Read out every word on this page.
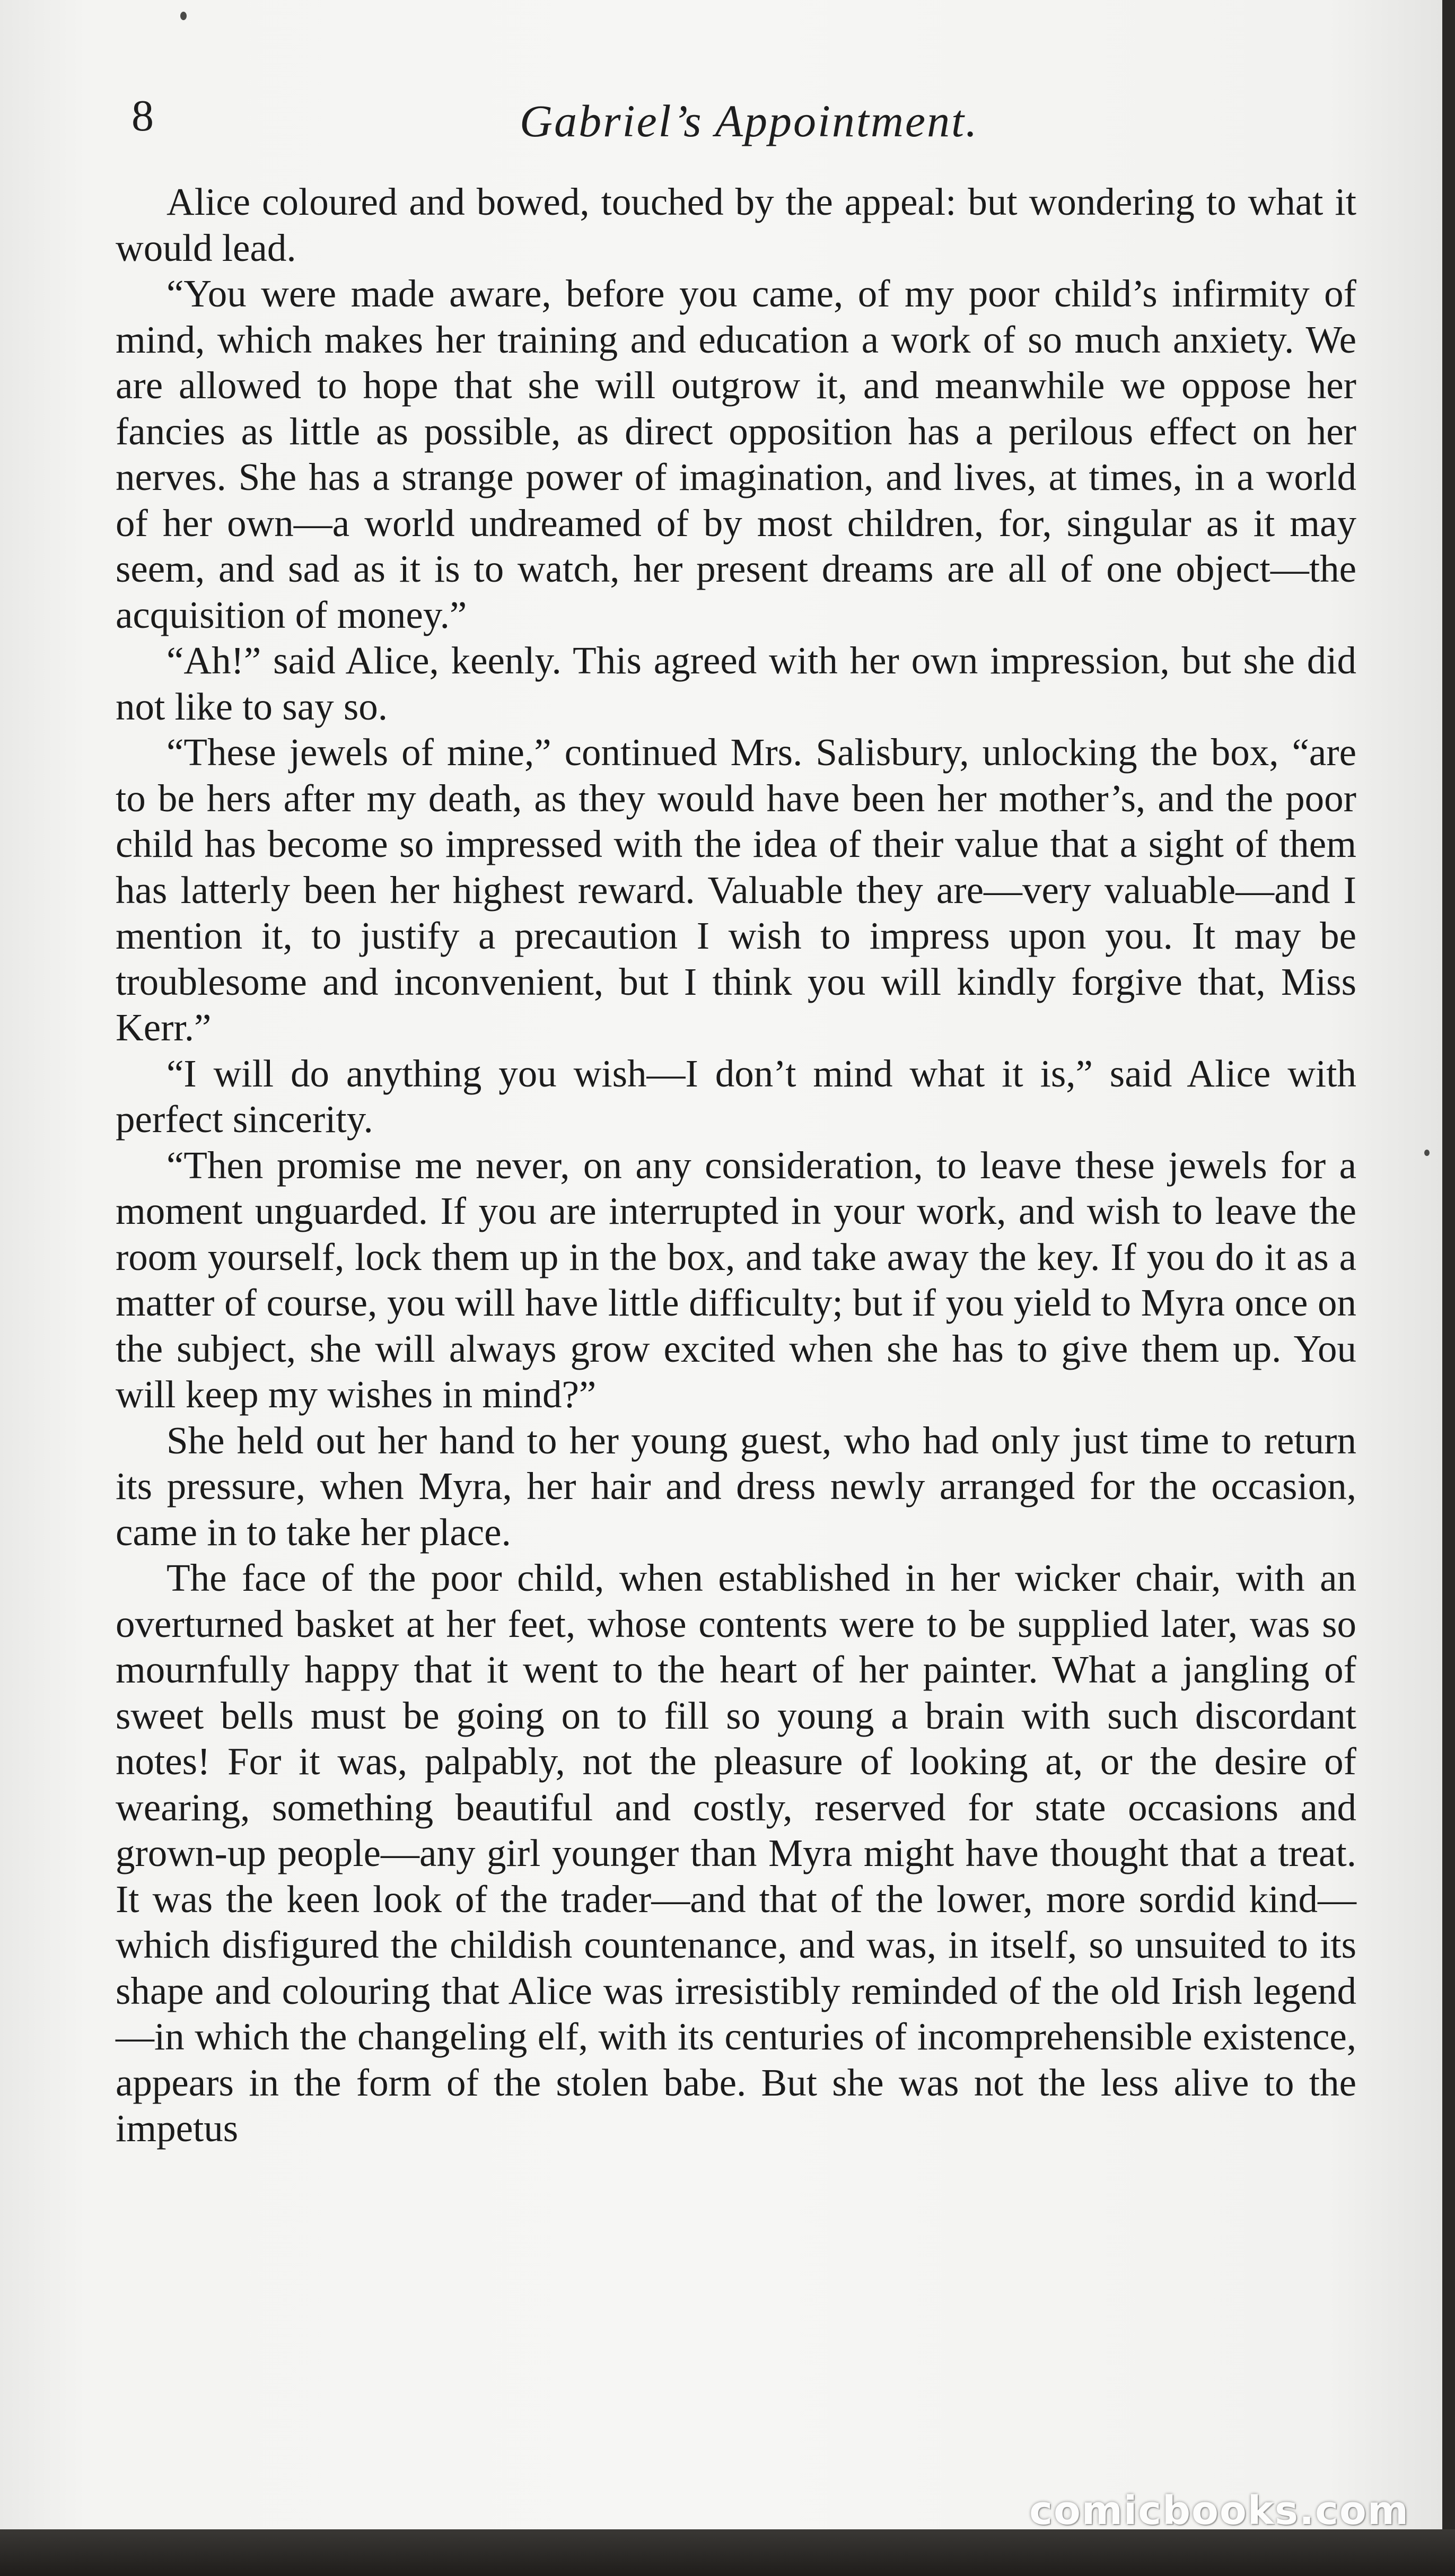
8	Gabriel’s Appointment.

Alice coloured and bowed, touched by the appeal: but wondering to what it would lead.

“You were made aware, before you came, of my poor child’s infirmity of mind, which makes her training and education a work of so much anxiety. We are allowed to hope that she will outgrow it, and meanwhile we oppose her fancies as little as possible, as direct opposition has a perilous effect on her nerves. She has a strange power of imagination, and lives, at times, in a world of her own—a world undreamed of by most children, for, singular as it may seem, and sad as it is to watch, her present dreams are all of one object—the acquisition of money.”

“Ah!” said Alice, keenly. This agreed with her own impression, but she did not like to say so.

“These jewels of mine,” continued Mrs. Salisbury, unlocking the box, “are to be hers after my death, as they would have been her mother’s, and the poor child has become so impressed with the idea of their value that a sight of them has latterly been her highest reward. Valuable they are—very valuable—and I mention it, to justify a precaution I wish to impress upon you. It may be troublesome and inconvenient, but I think you will kindly forgive that, Miss Kerr.”

“I will do anything you wish—I don’t mind what it is,” said Alice with perfect sincerity.

“Then promise me never, on any consideration, to leave these jewels for a moment unguarded. If you are interrupted in your work, and wish to leave the room yourself, lock them up in the box, and take away the key. If you do it as a matter of course, you will have little difficulty; but if you yield to Myra once on the subject, she will always grow excited when she has to give them up. You will keep my wishes in mind?”

She held out her hand to her young guest, who had only just time to return its pressure, when Myra, her hair and dress newly arranged for the occasion, came in to take her place.

The face of the poor child, when established in her wicker chair, with an overturned basket at her feet, whose contents were to be supplied later, was so mournfully happy that it went to the heart of her painter. What a jangling of sweet bells must be going on to fill so young a brain with such discordant notes! For it was, palpably, not the pleasure of looking at, or the desire of wearing, something beautiful and costly, reserved for state occasions and grown-up people—any girl younger than Myra might have thought that a treat. It was the keen look of the trader—and that of the lower, more sordid kind—which disfigured the childish countenance, and was, in itself, so unsuited to its shape and colouring that Alice was irresistibly reminded of the old Irish legend—in which the changeling elf, with its centuries of incomprehensible existence, appears in the form of the stolen babe. But she was not the less alive to the impetus

comicbooks.com
